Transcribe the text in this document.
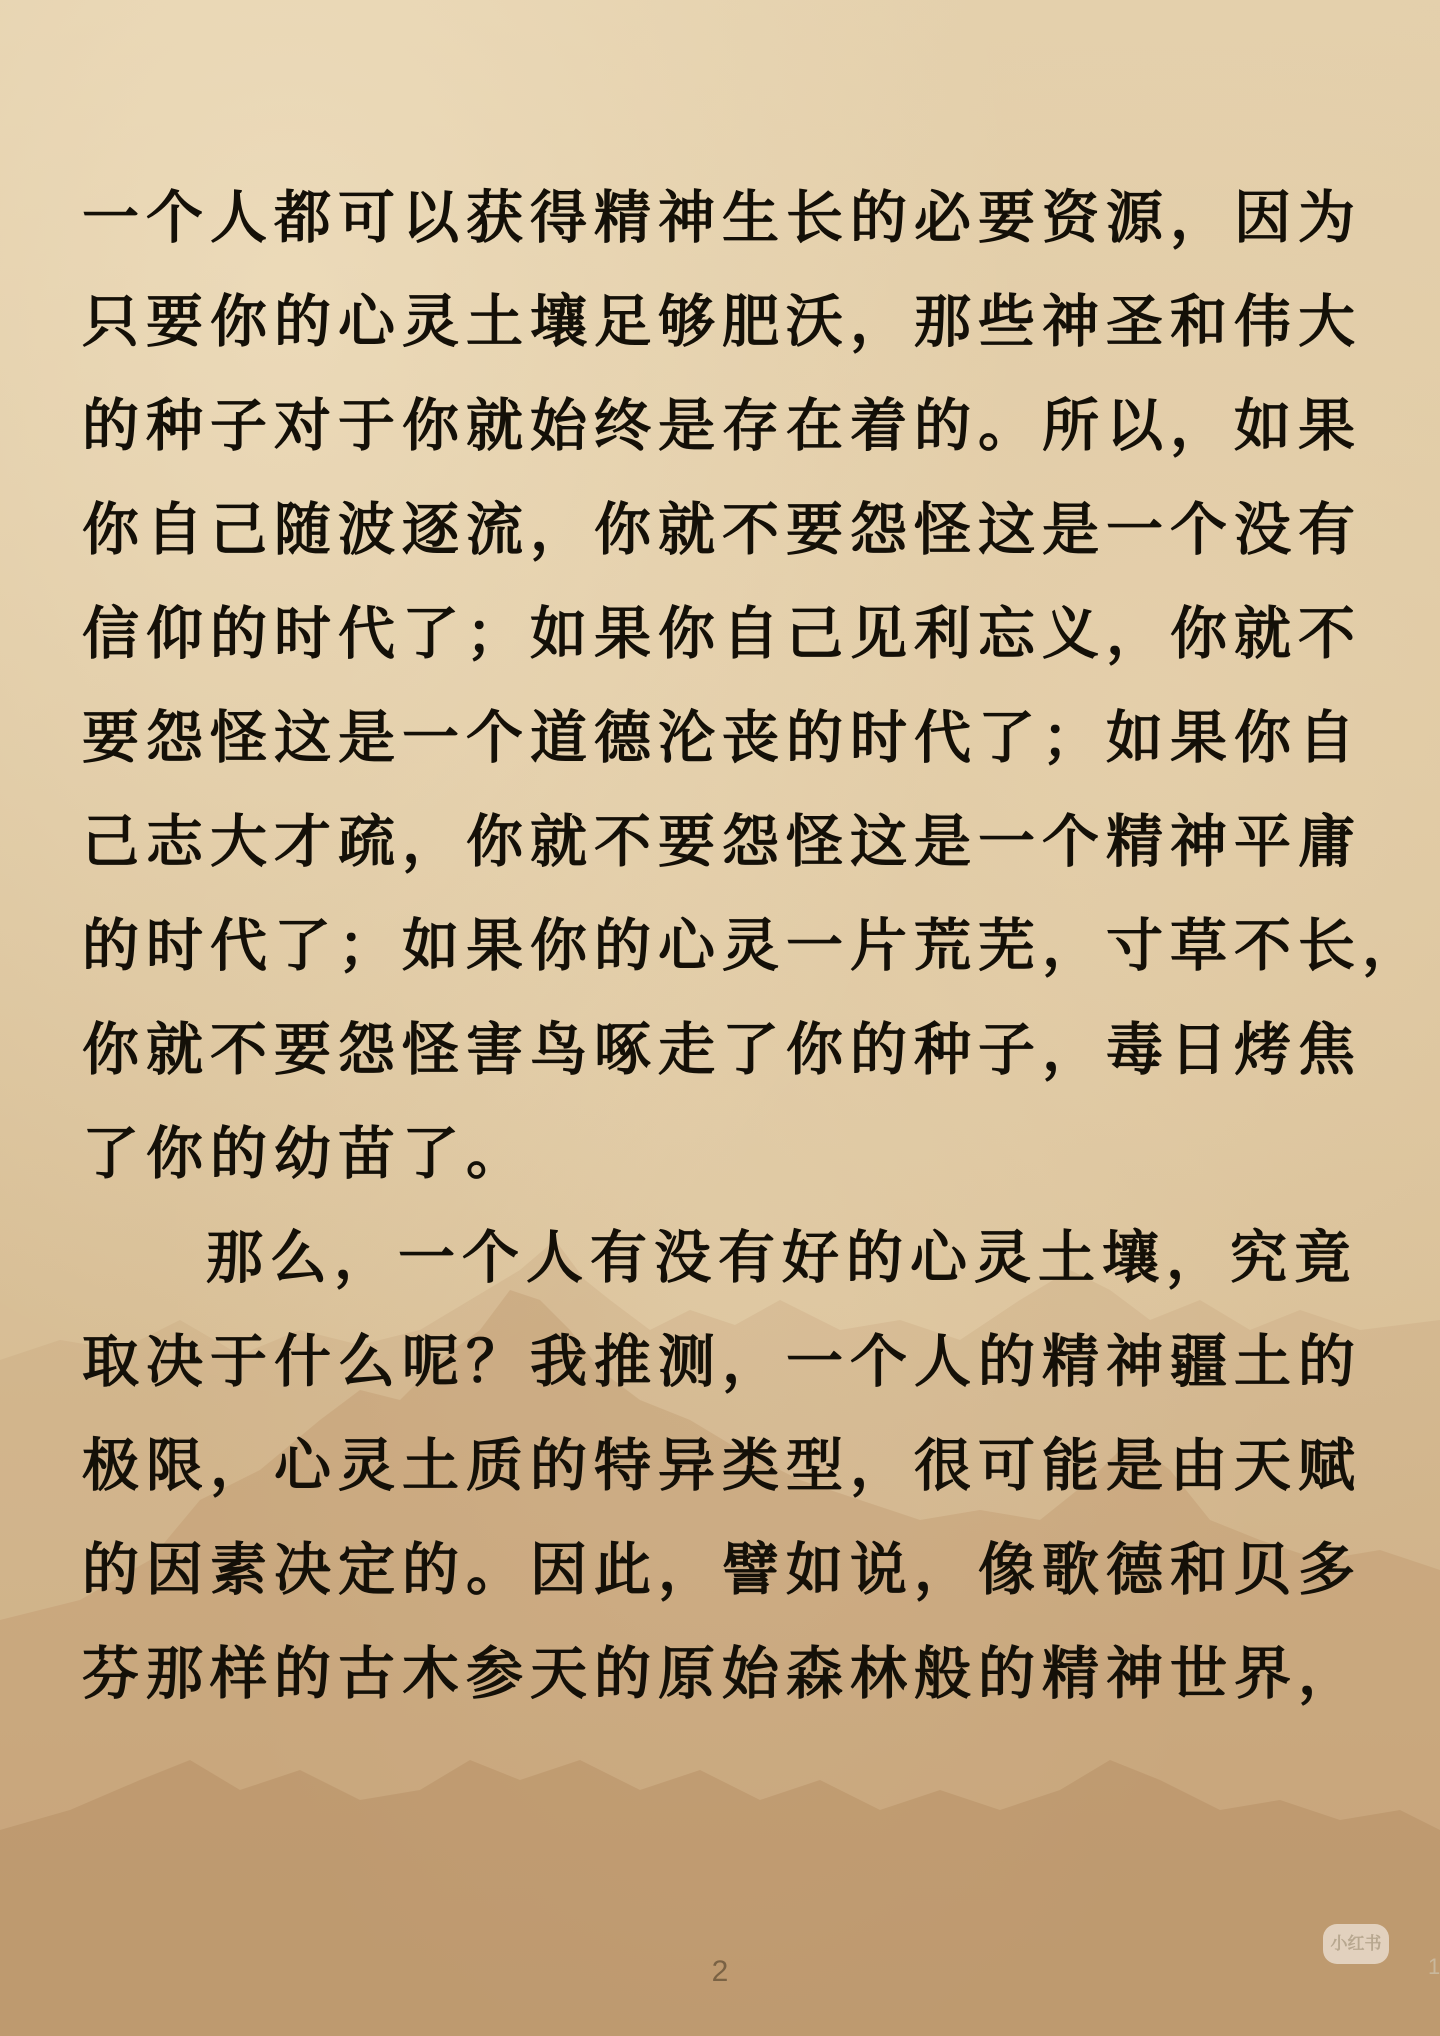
一个人都可以获得精神生长的必要资源，因为
只要你的心灵土壤足够肥沃，那些神圣和伟大
的种子对于你就始终是存在着的。所以，如果
你自己随波逐流，你就不要怨怪这是一个没有
信仰的时代了；如果你自己见利忘义，你就不
要怨怪这是一个道德沦丧的时代了；如果你自
己志大才疏，你就不要怨怪这是一个精神平庸
的时代了；如果你的心灵一片荒芜，寸草不长，
你就不要怨怪害鸟啄走了你的种子，毒日烤焦
了你的幼苗了。
那么，一个人有没有好的心灵土壤，究竟
取决于什么呢？我推测，一个人的精神疆土的
极限，心灵土质的特异类型，很可能是由天赋
的因素决定的。因此，譬如说，像歌德和贝多
芬那样的古木参天的原始森林般的精神世界，
小红书
2	1
